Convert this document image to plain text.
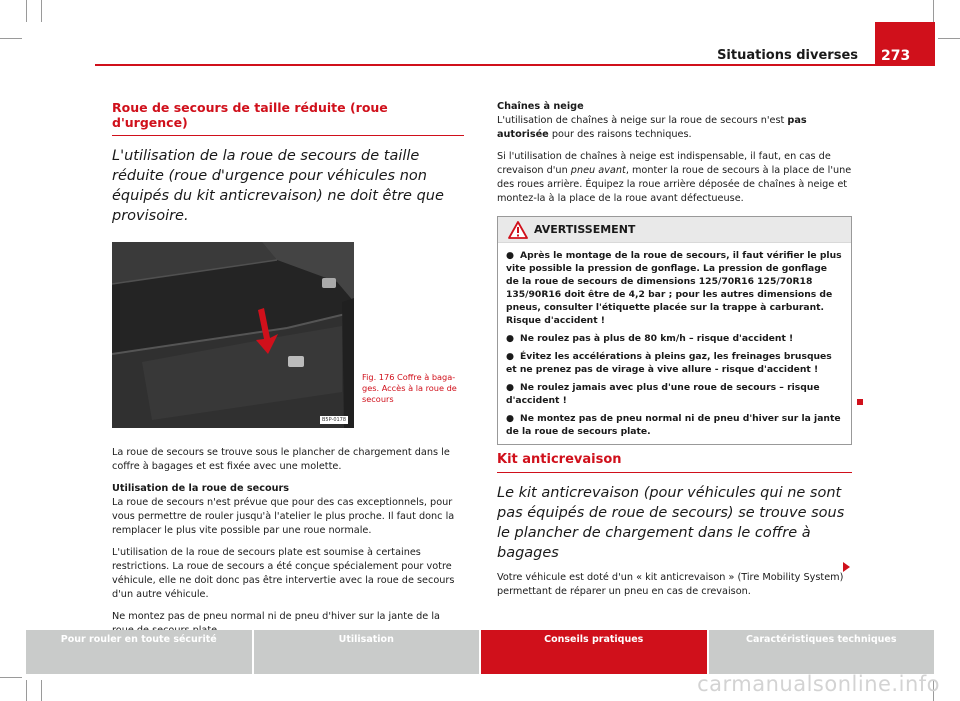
Situations diverses	273
Roue de secours de taille réduite (roue d'urgence)
L'utilisation de la roue de secours de taille réduite (roue d'urgence pour véhicules non équipés du kit anticrevaison) ne doit être que provisoire.
B5P-0178
Fig. 176 Coffre à bagages. Accès à la roue de secours
La roue de secours se trouve sous le plancher de chargement dans le coffre à bagages et est fixée avec une molette.
Utilisation de la roue de secours
La roue de secours n'est prévue que pour des cas exceptionnels, pour vous permettre de rouler jusqu'à l'atelier le plus proche. Il faut donc la remplacer le plus vite possible par une roue normale.
L'utilisation de la roue de secours plate est soumise à certaines restrictions. La roue de secours a été conçue spécialement pour votre véhicule, elle ne doit donc pas être intervertie avec la roue de secours d'un autre véhicule.
Ne montez pas de pneu normal ni de pneu d'hiver sur la jante de la
Chaînes à neige
L'utilisation de chaînes à neige sur la roue de secours n'est pas autorisée pour des raisons techniques.
Si l'utilisation de chaînes à neige est indispensable, il faut, en cas de crevaison d'un pneu avant, monter la roue de secours à la place de l'une des roues arrière. Équipez la roue arrière déposée de chaînes à neige et montez-la à la place de la roue avant défectueuse.
AVERTISSEMENT
● Après le montage de la roue de secours, il faut vérifier le plus vite possible la pression de gonflage. La pression de gonflage de la roue de secours de dimensions 125/70R16 125/70R18 135/90R16 doit être de 4,2 bar ; pour les autres dimensions de pneus, consulter l'étiquette placée sur la trappe à carburant. Risque d'accident !
● Ne roulez pas à plus de 80 km/h – risque d'accident !
● Évitez les accélérations à pleins gaz, les freinages brusques et ne prenez pas de virage à vive allure - risque d'accident !
● Ne roulez jamais avec plus d'une roue de secours – risque d'accident !
● Ne montez pas de pneu normal ni de pneu d'hiver sur la jante de la roue de secours plate.
Kit anticrevaison
Le kit anticrevaison (pour véhicules qui ne sont pas équipés de roue de secours) se trouve sous le plancher de chargement dans le coffre à bagages
Votre véhicule est doté d'un « kit anticrevaison » (Tire Mobility System) permettant de réparer un pneu en cas de crevaison.
Pour rouler en toute sécurité	Utilisation	Conseils pratiques	Caractéristiques techniques
carmanualsonline.info
